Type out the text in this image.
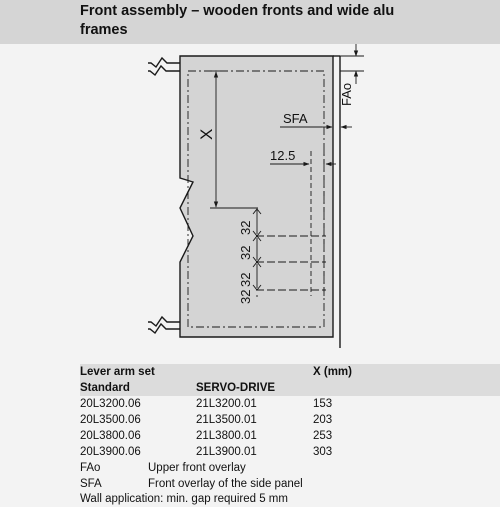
Front assembly – wooden fronts and wide alu
frames
FAo
X
SFA
12.5
32
32
32
32
Lever arm set	X (mm)
Standard	SERVO-DRIVE
20L3200.06	21L3200.01	153
20L3500.06	21L3500.01	203
20L3800.06	21L3800.01	253
20L3900.06	21L3900.01	303
FAo	Upper front overlay
SFA	Front overlay of the side panel
Wall application: min. gap required 5 mm
